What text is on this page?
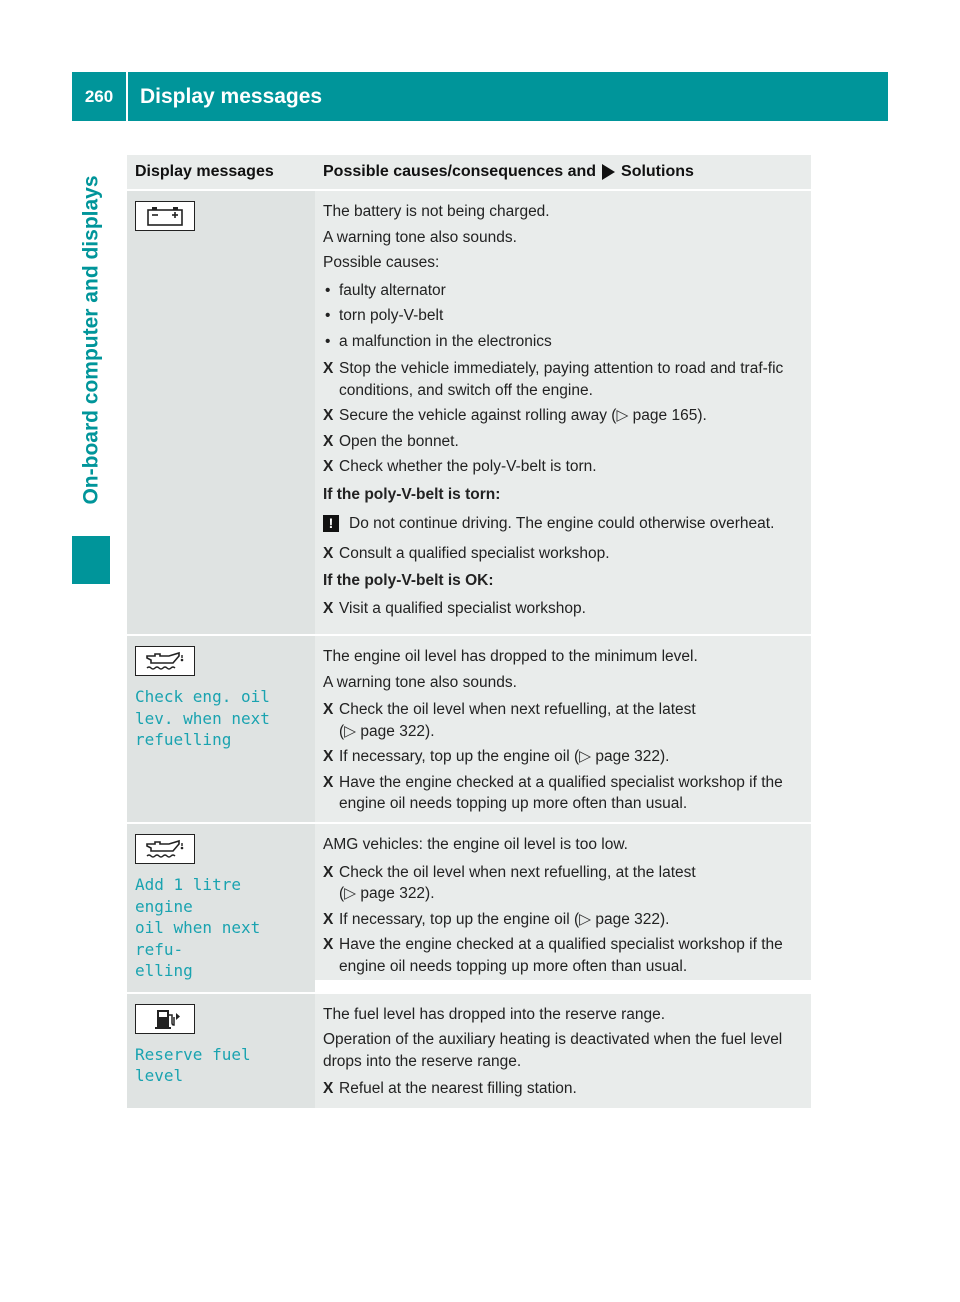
260	Display messages
On-board computer and displays
Display messages	Possible causes/consequences and Solutions

The battery is not being charged.

A warning tone also sounds.

Possible causes:

• faulty alternator
• torn poly-V-belt
• a malfunction in the electronics
X Stop the vehicle immediately, paying attention to road and traf-fic conditions, and switch off the engine.
X Secure the vehicle against rolling away (▷ page 165).
X Open the bonnet.
X Check whether the poly-V-belt is torn.
If the poly-V-belt is torn:
!	Do not continue driving. The engine could otherwise overheat.
X Consult a qualified specialist workshop.
If the poly-V-belt is OK:
X Visit a qualified specialist workshop.
Check eng. oil
lev. when next
refuelling

The engine oil level has dropped to the minimum level.

A warning tone also sounds.

X Check the oil level when next refuelling, at the latest
(▷ page 322).
X If necessary, top up the engine oil (▷ page 322).
X Have the engine checked at a qualified specialist workshop if the engine oil needs topping up more often than usual.
Add 1 litre engine
oil when next refu‐
elling

AMG vehicles: the engine oil level is too low.

X Check the oil level when next refuelling, at the latest
(▷ page 322).
X If necessary, top up the engine oil (▷ page 322).
X Have the engine checked at a qualified specialist workshop if the engine oil needs topping up more often than usual.
Reserve fuel level

The fuel level has dropped into the reserve range.

Operation of the auxiliary heating is deactivated when the fuel level drops into the reserve range.

X Refuel at the nearest filling station.
